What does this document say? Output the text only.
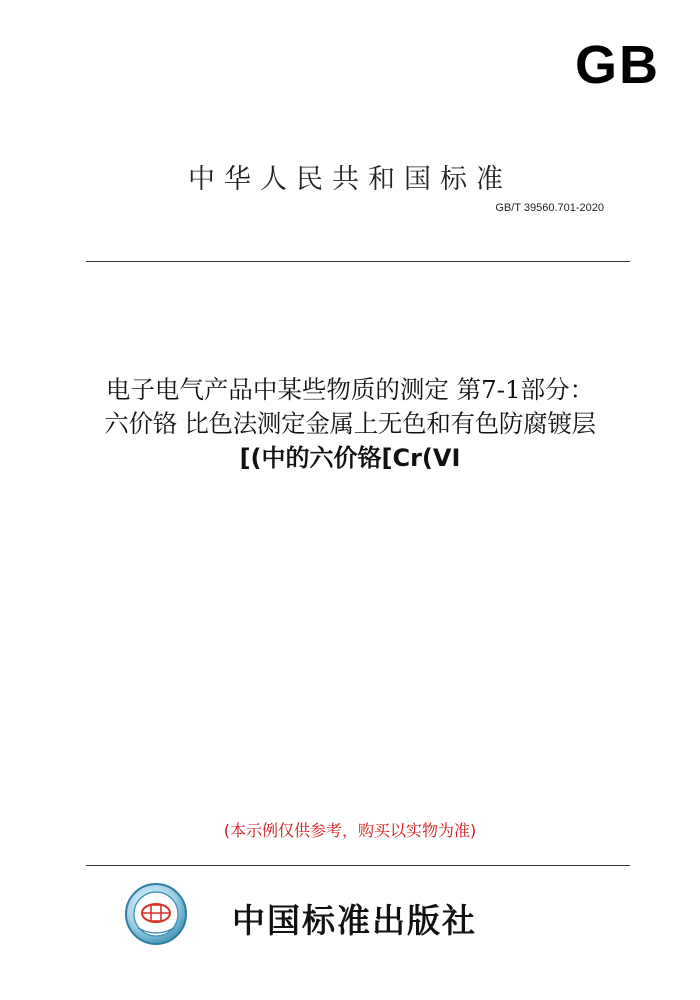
GB
中华人民共和国标准
GB/T 39560.701-2020
电子电气产品中某些物质的测定 第7-1部分：
六价铬 比色法测定金属上无色和有色防腐镀层
[(中的六价铬[Cr(VI
(本示例仅供参考，购买以实物为准)
中国标准出版社
